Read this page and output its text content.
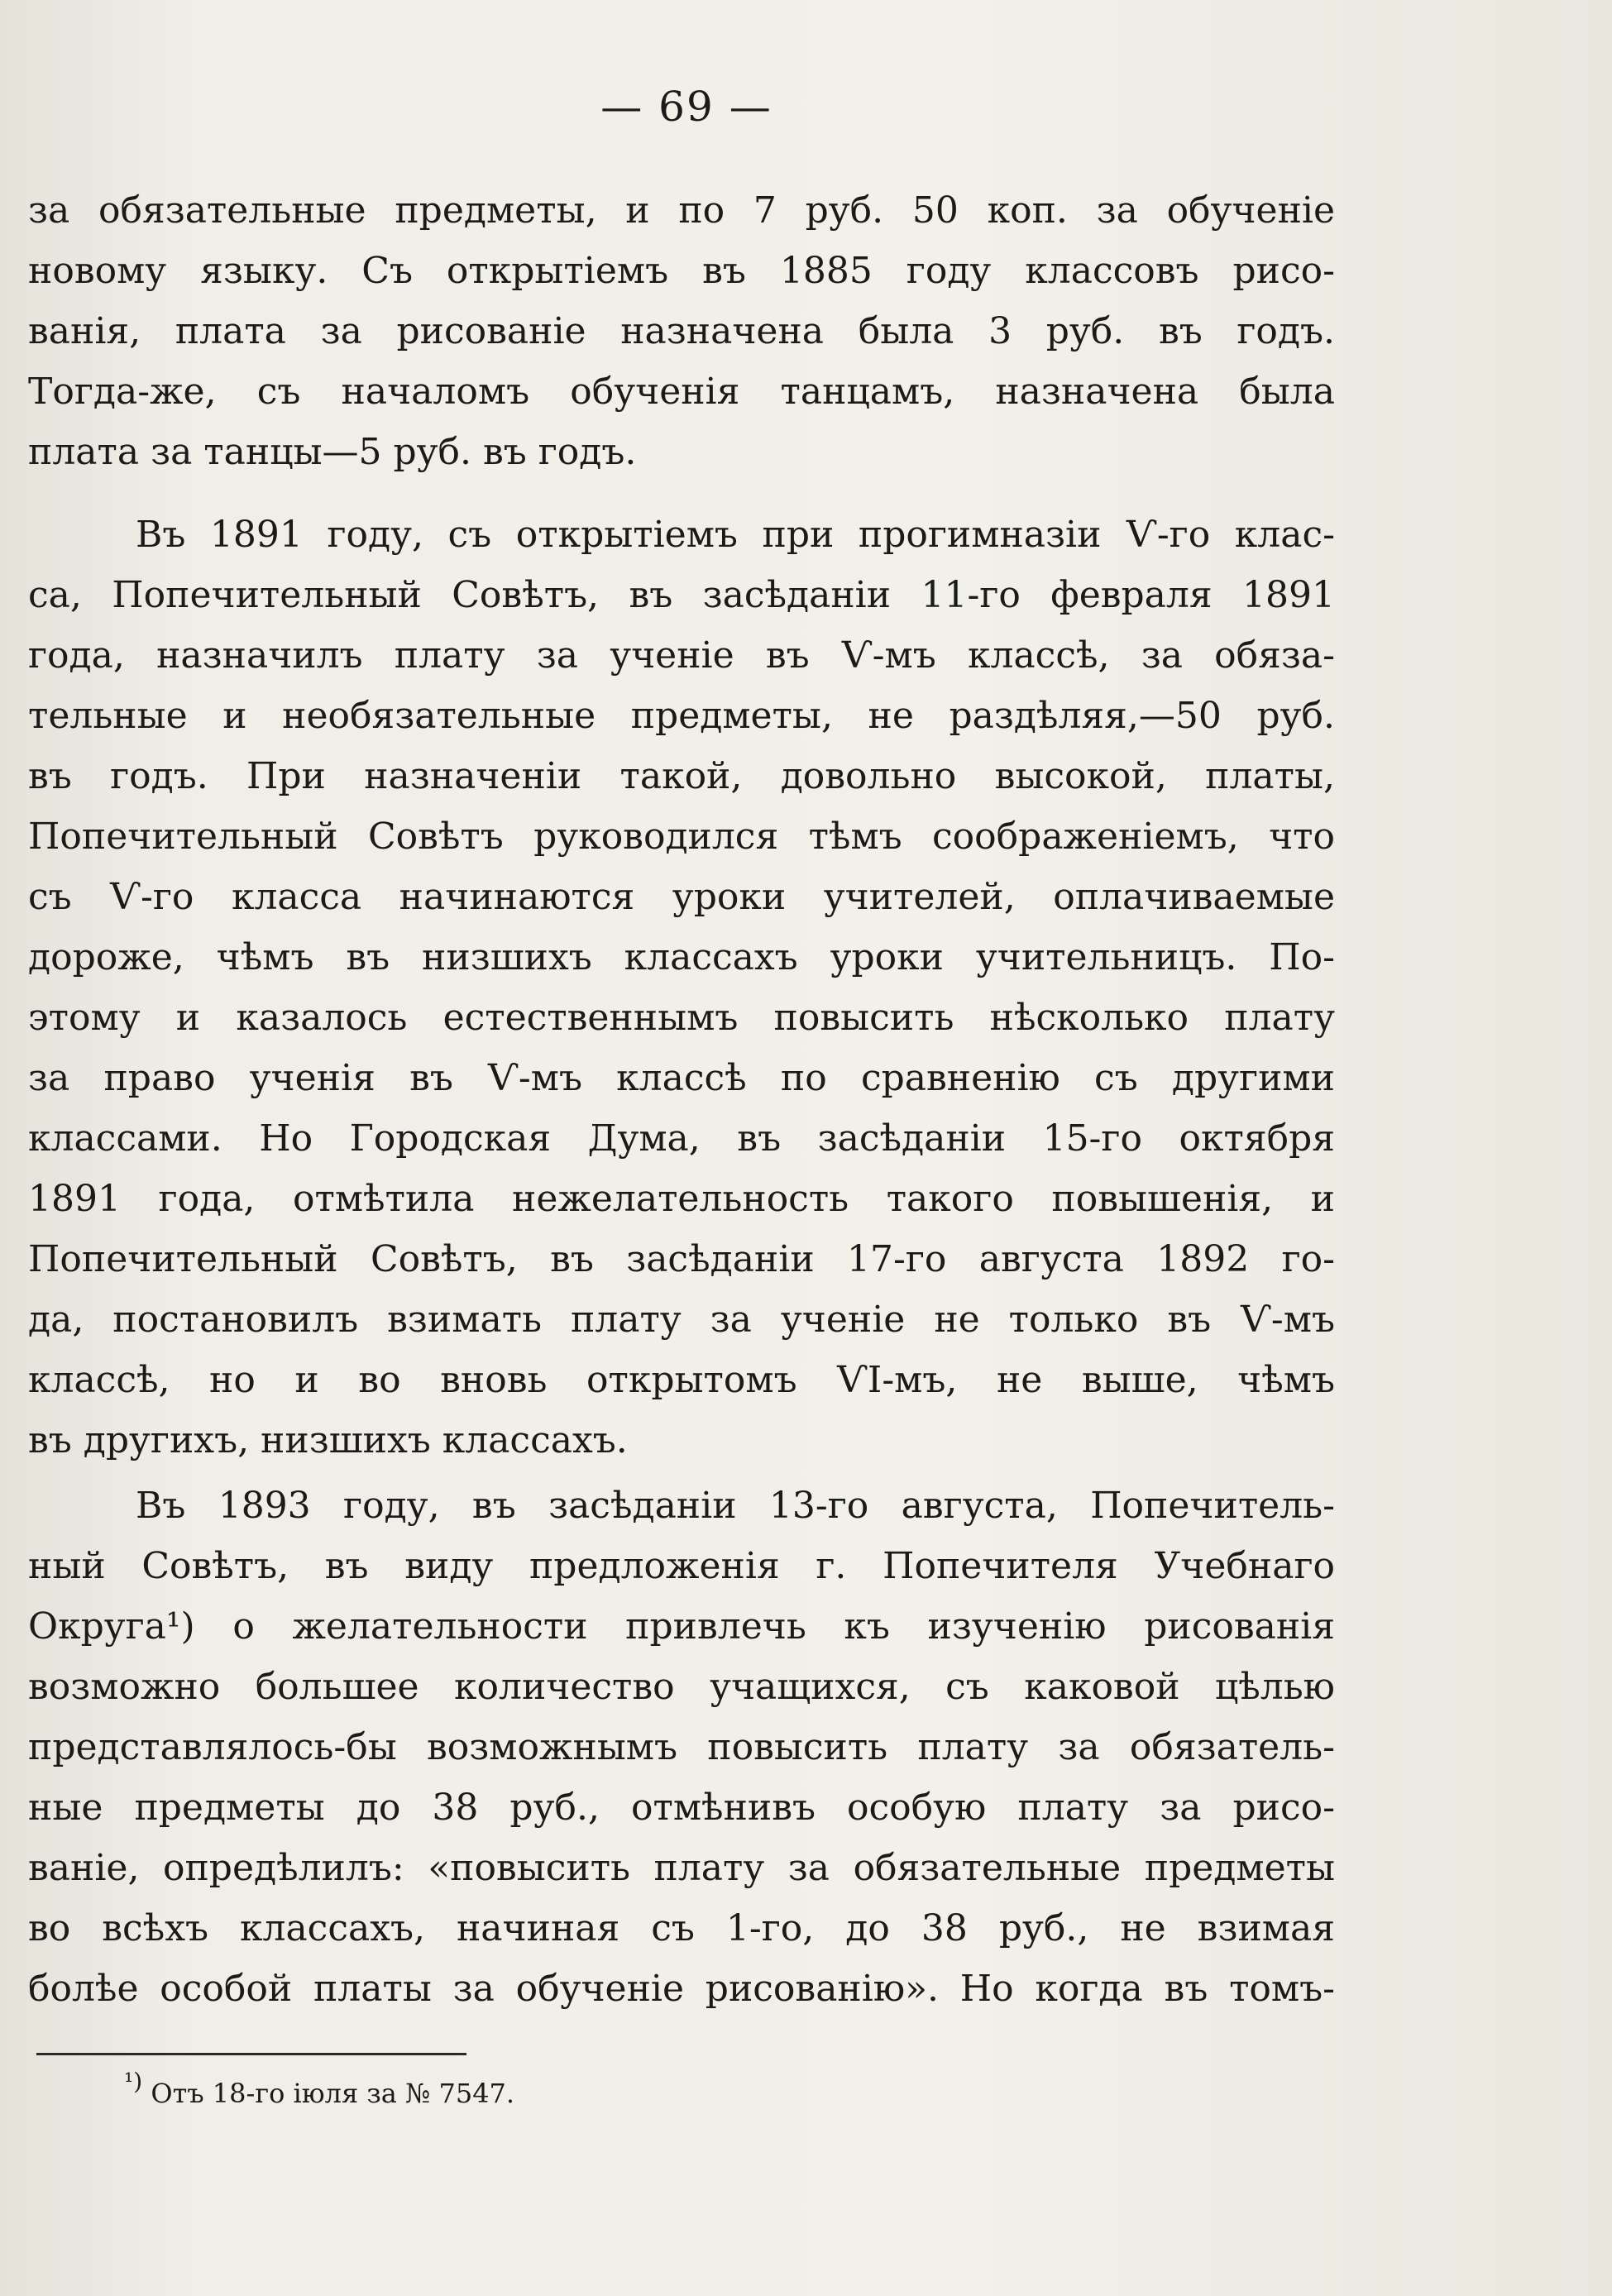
— 69 —
за обязательные предметы, и по 7 руб. 50 коп. за обученіе
новому языку. Съ открытіемъ въ 1885 году классовъ рисо-
ванія, плата за рисованіе назначена была 3 руб. въ годъ.
Тогда-же, съ началомъ обученія танцамъ, назначена была
плата за танцы—5 руб. въ годъ.
Въ 1891 году, съ открытіемъ при прогимназіи Ѵ-го клас-
са, Попечительный Совѣтъ, въ засѣданіи 11-го февраля 1891
года, назначилъ плату за ученіе въ Ѵ-мъ классѣ, за обяза-
тельные и необязательные предметы, не раздѣляя,—50 руб.
въ годъ. При назначеніи такой, довольно высокой, платы,
Попечительный Совѣтъ руководился тѣмъ соображеніемъ, что
съ Ѵ-го класса начинаются уроки учителей, оплачиваемые
дороже, чѣмъ въ низшихъ классахъ уроки учительницъ. По-
этому и казалось естественнымъ повысить нѣсколько плату
за право ученія въ Ѵ-мъ классѣ по сравненію съ другими
классами. Но Городская Дума, въ засѣданіи 15-го октября
1891 года, отмѣтила нежелательность такого повышенія, и
Попечительный Совѣтъ, въ засѣданіи 17-го августа 1892 го-
да, постановилъ взимать плату за ученіе не только въ Ѵ-мъ
классѣ, но и во вновь открытомъ ѴІ-мъ, не выше, чѣмъ
въ другихъ, низшихъ классахъ.
Въ 1893 году, въ засѣданіи 13-го августа, Попечитель-
ный Совѣтъ, въ виду предложенія г. Попечителя Учебнаго
Округа¹) о желательности привлечь къ изученію рисованія
возможно большее количество учащихся, съ каковой цѣлью
представлялось-бы возможнымъ повысить плату за обязатель-
ные предметы до 38 руб., отмѣнивъ особую плату за рисо-
ваніе, опредѣлилъ: «повысить плату за обязательные предметы
во всѣхъ классахъ, начиная съ 1-го, до 38 руб., не взимая
болѣе особой платы за обученіе рисованію». Но когда въ томъ-
¹) Отъ 18-го іюля за № 7547.
